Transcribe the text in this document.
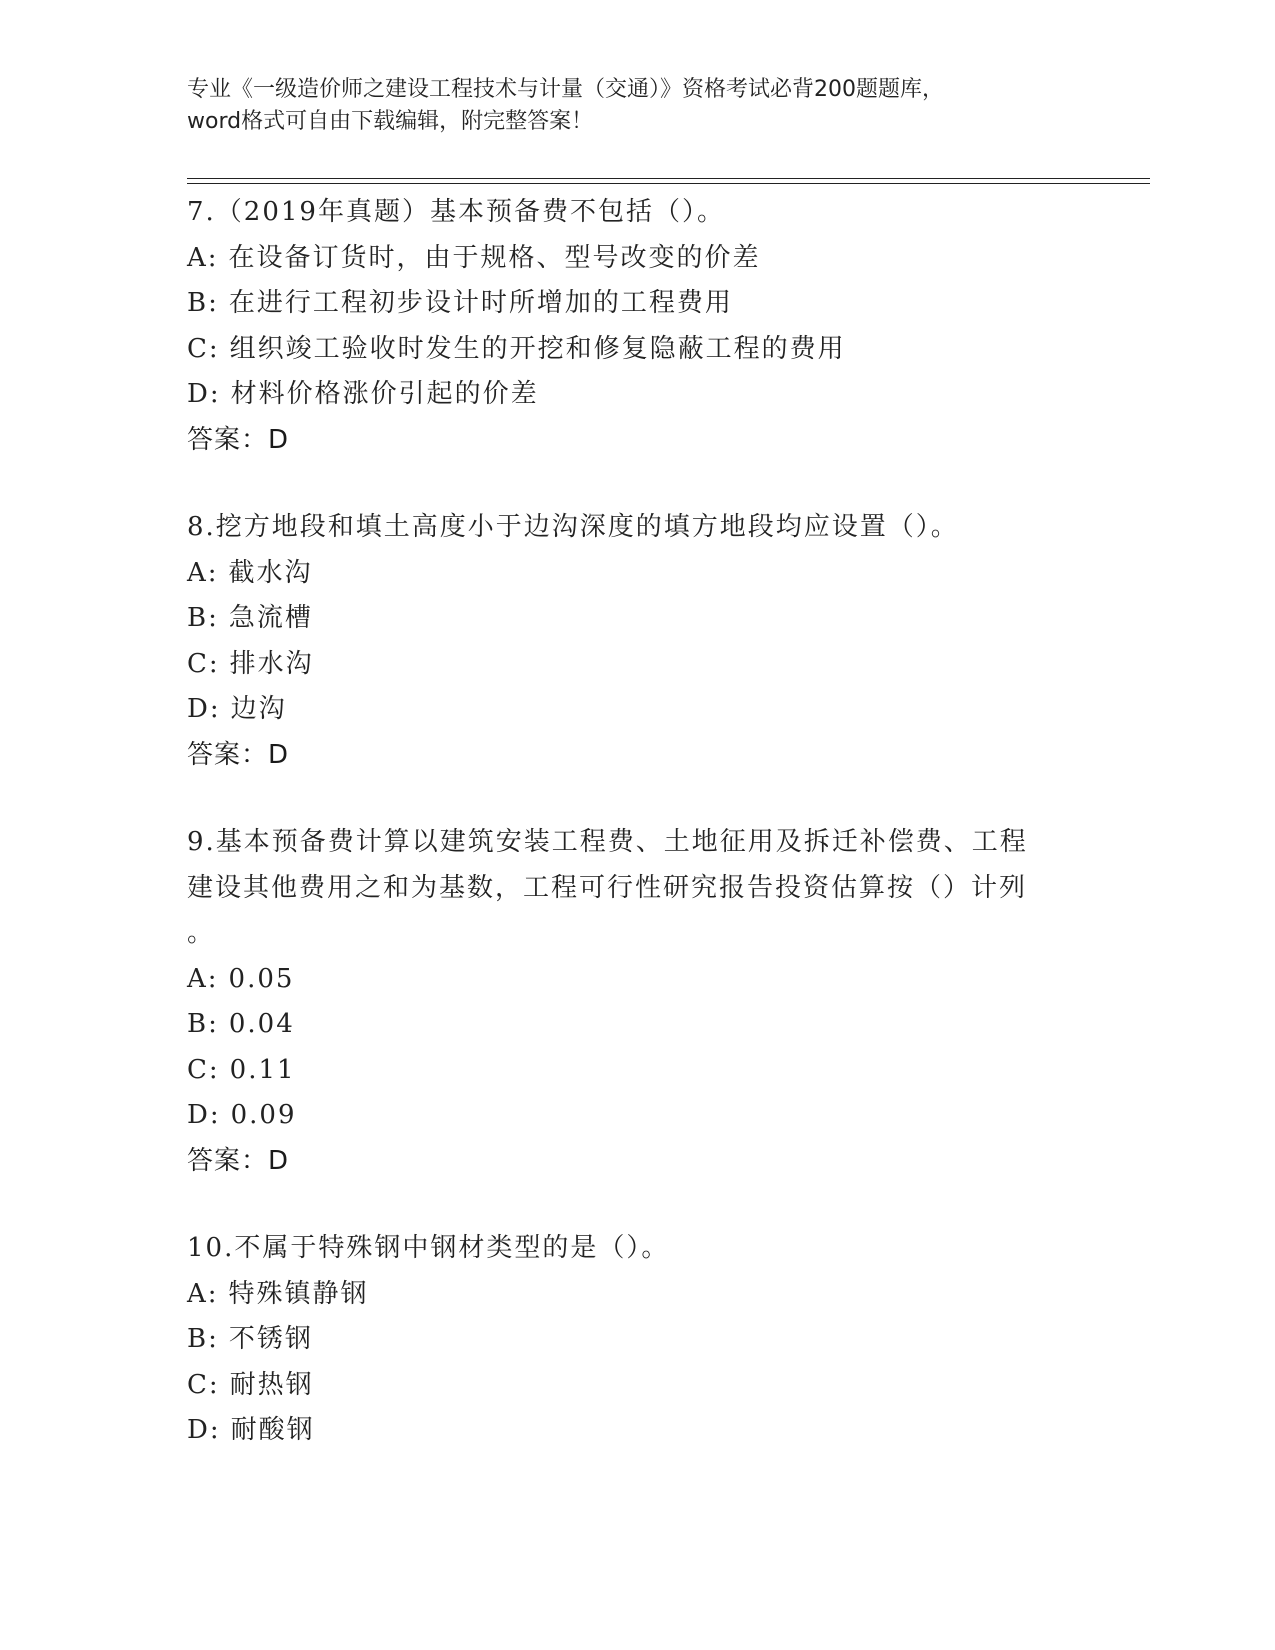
专业《一级造价师之建设工程技术与计量（交通）》资格考试必背200题题库，
word格式可自由下载编辑，附完整答案！
7.（2019年真题）基本预备费不包括（）。
A: 在设备订货时，由于规格、型号改变的价差
B: 在进行工程初步设计时所增加的工程费用
C: 组织竣工验收时发生的开挖和修复隐蔽工程的费用
D: 材料价格涨价引起的价差
答案：D
8.挖方地段和填土高度小于边沟深度的填方地段均应设置（）。
A: 截水沟
B: 急流槽
C: 排水沟
D: 边沟
答案：D
9.基本预备费计算以建筑安装工程费、土地征用及拆迁补偿费、工程
建设其他费用之和为基数，工程可行性研究报告投资估算按（）计列
。
A: 0.05
B: 0.04
C: 0.11
D: 0.09
答案：D
10.不属于特殊钢中钢材类型的是（）。
A: 特殊镇静钢
B: 不锈钢
C: 耐热钢
D: 耐酸钢
